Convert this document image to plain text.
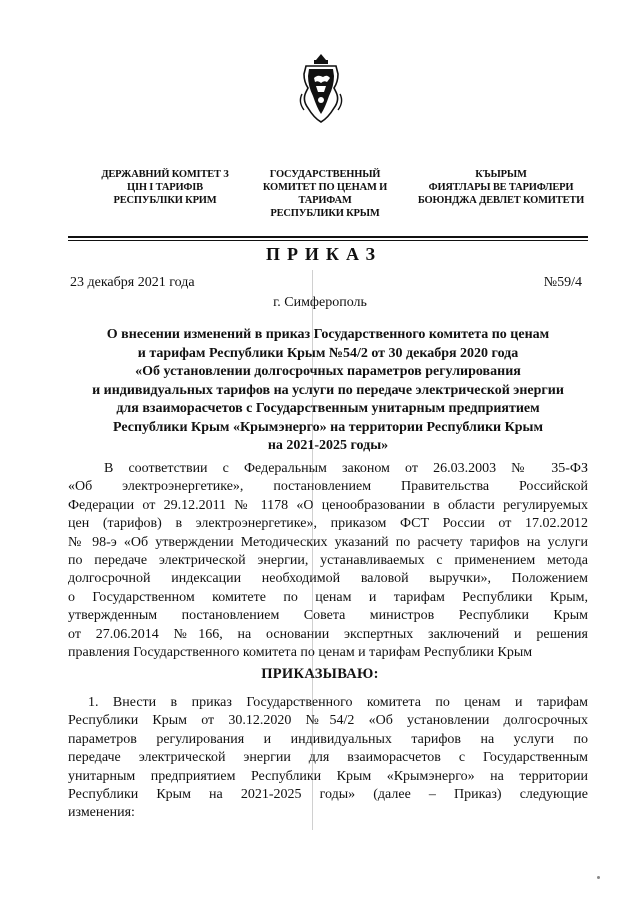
ДЕРЖАВНИЙ КОМІТЕТ З
ЦІН І ТАРИФІВ
РЕСПУБЛІКИ КРИМ
ГОСУДАРСТВЕННЫЙ
КОМИТЕТ ПО ЦЕНАМ И
ТАРИФАМ
РЕСПУБЛИКИ КРЫМ
КЪЫРЫМ
ФИЯТЛАРЫ ВЕ ТАРИФЛЕРИ
БОЮНДЖА ДЕВЛЕТ КОМИТЕТИ
ПРИКАЗ
23 декабря 2021 года	№59/4
г. Симферополь
О внесении изменений в приказ Государственного комитета по ценам
и тарифам Республики Крым №54/2 от 30 декабря 2020 года
«Об установлении долгосрочных параметров регулирования
и индивидуальных тарифов на услуги по передаче электрической энергии
для взаиморасчетов с Государственным унитарным предприятием
Республики Крым «Крымэнерго» на территории Республики Крым
на 2021-2025 годы»
В соответствии с Федеральным законом от 26.03.2003 № 35-ФЗ
«Об электроэнергетике», постановлением Правительства Российской
Федерации от 29.12.2011 № 1178 «О ценообразовании в области регулируемых
цен (тарифов) в электроэнергетике», приказом ФСТ России от 17.02.2012
№ 98-э «Об утверждении Методических указаний по расчету тарифов на услуги
по передаче электрической энергии, устанавливаемых с применением метода
долгосрочной индексации необходимой валовой выручки», Положением
о Государственном комитете по ценам и тарифам Республики Крым,
утвержденным постановлением Совета министров Республики Крым
от 27.06.2014 №166, на основании экспертных заключений и решения
правления Государственного комитета по ценам и тарифам Республики Крым
ПРИКАЗЫВАЮ:
1. Внести в приказ Государственного комитета по ценам и тарифам
Республики Крым от 30.12.2020 №54/2 «Об установлении долгосрочных
параметров регулирования и индивидуальных тарифов на услуги по
передаче электрической энергии для взаиморасчетов с Государственным
унитарным предприятием Республики Крым «Крымэнерго» на территории
Республики Крым на 2021-2025 годы» (далее – Приказ) следующие
изменения:
